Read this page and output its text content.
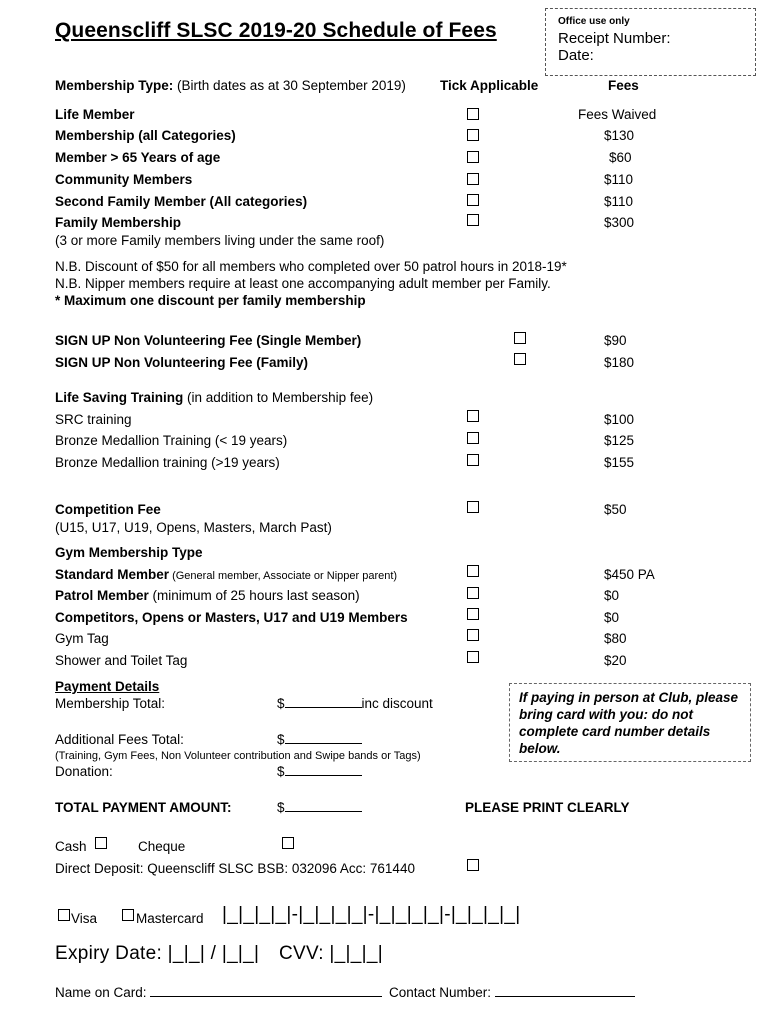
Queenscliff SLSC 2019-20 Schedule of Fees	Office use only
Receipt Number:
Date:
Membership Type: (Birth dates as at 30 September 2019)	Tick Applicable	Fees
Life Member	Fees Waived
Membership (all Categories)	$130
Member > 65 Years of age	$60
Community Members	$110
Second Family Member (All categories)	$110
Family Membership	$300
(3 or more Family members living under the same roof)
N.B. Discount of $50 for all members who completed over 50 patrol hours in 2018-19*
N.B. Nipper members require at least one accompanying adult member per Family.
* Maximum one discount per family membership
SIGN UP Non Volunteering Fee (Single Member)	$90
SIGN UP Non Volunteering Fee (Family)	$180
Life Saving Training (in addition to Membership fee)
SRC training	$100
Bronze Medallion Training (< 19 years)	$125
Bronze Medallion training (>19 years)	$155
Competition Fee	$50
(U15, U17, U19, Opens, Masters, March Past)
Gym Membership Type
Standard Member (General member, Associate or Nipper parent)	$450 PA
Patrol Member (minimum of 25 hours last season)	$0
Competitors, Opens or Masters, U17 and U19 Members	$0
Gym Tag	$80
Shower and Toilet Tag	$20
Payment Details
Membership Total:	$	inc discount
Additional Fees Total:	$
(Training, Gym Fees, Non Volunteer contribution and Swipe bands or Tags)
Donation:	$
If paying in person at Club, please bring card with you: do not complete card number details below.
TOTAL PAYMENT AMOUNT:	$	PLEASE PRINT CLEARLY
Cash	Cheque
Direct Deposit: Queenscliff SLSC BSB: 032096 Acc: 761440
Visa	Mastercard |_|_|_|_|-|_|_|_|_|-|_|_|_|_|-|_|_|_|_|
Expiry Date: |_|_| / |_|_| CVV: |_|_|_|
Name on Card:	Contact Number:
